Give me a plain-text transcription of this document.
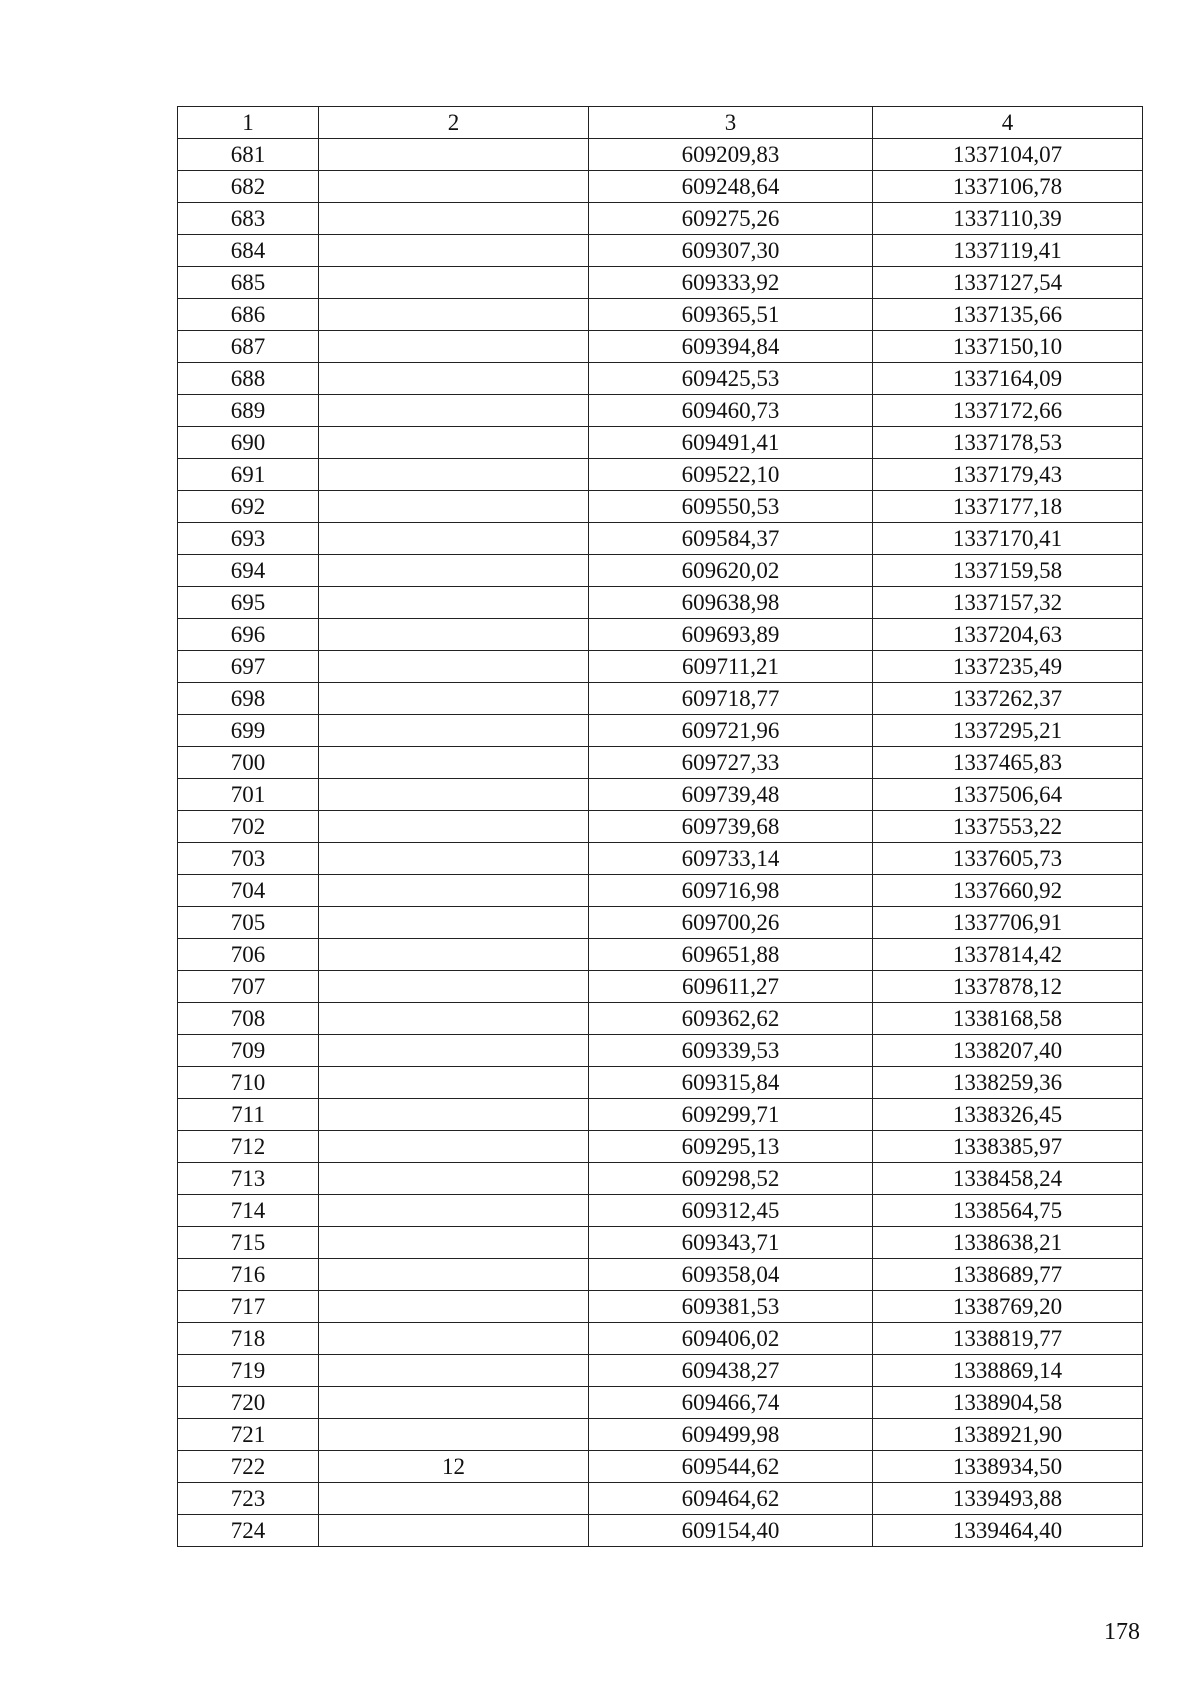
1	2	3	4
681		609209,83	1337104,07
682		609248,64	1337106,78
683		609275,26	1337110,39
684		609307,30	1337119,41
685		609333,92	1337127,54
686		609365,51	1337135,66
687		609394,84	1337150,10
688		609425,53	1337164,09
689		609460,73	1337172,66
690		609491,41	1337178,53
691		609522,10	1337179,43
692		609550,53	1337177,18
693		609584,37	1337170,41
694		609620,02	1337159,58
695		609638,98	1337157,32
696		609693,89	1337204,63
697		609711,21	1337235,49
698		609718,77	1337262,37
699		609721,96	1337295,21
700		609727,33	1337465,83
701		609739,48	1337506,64
702		609739,68	1337553,22
703		609733,14	1337605,73
704		609716,98	1337660,92
705		609700,26	1337706,91
706		609651,88	1337814,42
707		609611,27	1337878,12
708		609362,62	1338168,58
709		609339,53	1338207,40
710		609315,84	1338259,36
711		609299,71	1338326,45
712		609295,13	1338385,97
713		609298,52	1338458,24
714		609312,45	1338564,75
715		609343,71	1338638,21
716		609358,04	1338689,77
717		609381,53	1338769,20
718		609406,02	1338819,77
719		609438,27	1338869,14
720		609466,74	1338904,58
721		609499,98	1338921,90
722	12	609544,62	1338934,50
723		609464,62	1339493,88
724		609154,40	1339464,40
178
